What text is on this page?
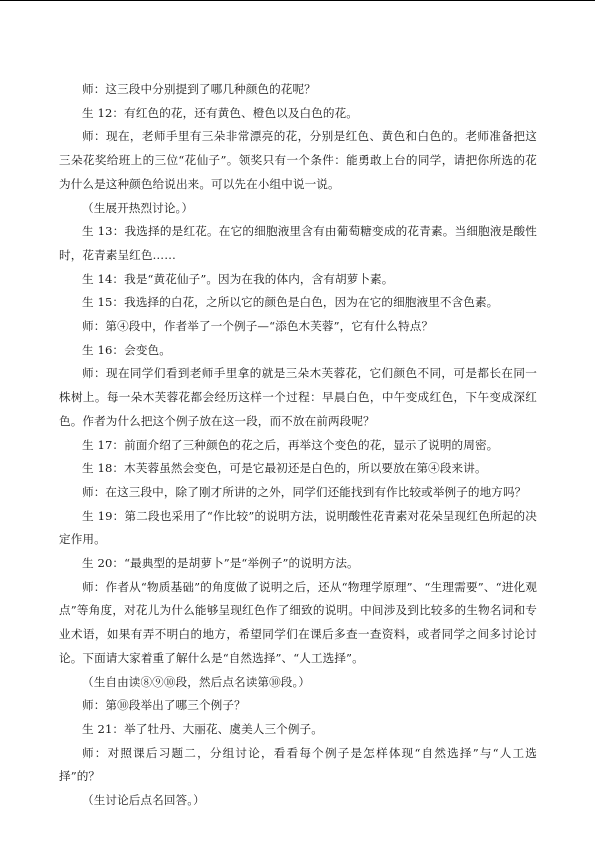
师：这三段中分别提到了哪几种颜色的花呢？

生 12：有红色的花，还有黄色、橙色以及白色的花。

师：现在，老师手里有三朵非常漂亮的花，分别是红色、黄色和白色的。老师准备把这三朵花奖给班上的三位“花仙子”。领奖只有一个条件：能勇敢上台的同学，请把你所选的花为什么是这种颜色给说出来。可以先在小组中说一说。

（生展开热烈讨论。）

生 13：我选择的是红花。在它的细胞液里含有由葡萄糖变成的花青素。当细胞液是酸性时，花青素呈红色……

生 14：我是“黄花仙子”。因为在我的体内，含有胡萝卜素。

生 15：我选择的白花，之所以它的颜色是白色，因为在它的细胞液里不含色素。

师：第④段中，作者举了一个例子—“添色木芙蓉”，它有什么特点？

生 16：会变色。

师：现在同学们看到老师手里拿的就是三朵木芙蓉花，它们颜色不同，可是都长在同一株树上。每一朵木芙蓉花都会经历这样一个过程：早晨白色，中午变成红色，下午变成深红色。作者为什么把这个例子放在这一段，而不放在前两段呢？

生 17：前面介绍了三种颜色的花之后，再举这个变色的花，显示了说明的周密。

生 18：木芙蓉虽然会变色，可是它最初还是白色的，所以要放在第④段来讲。

师：在这三段中，除了刚才所讲的之外，同学们还能找到有作比较或举例子的地方吗？

生 19：第二段也采用了“作比较”的说明方法，说明酸性花青素对花朵呈现红色所起的决定作用。

生 20：“最典型的是胡萝卜”是“举例子”的说明方法。

师：作者从“物质基础”的角度做了说明之后，还从“物理学原理”、“生理需要”、“进化观点”等角度，对花儿为什么能够呈现红色作了细致的说明。中间涉及到比较多的生物名词和专业术语，如果有弄不明白的地方，希望同学们在课后多查一查资料，或者同学之间多讨论讨论。下面请大家着重了解什么是“自然选择”、“人工选择”。

（生自由读⑧⑨⑩段，然后点名读第⑩段。）

师：第⑩段举出了哪三个例子？

生 21：举了牡丹、大丽花、虞美人三个例子。

师：对照课后习题二，分组讨论，看看每个例子是怎样体现“自然选择”与“人工选择”的？

（生讨论后点名回答。）
